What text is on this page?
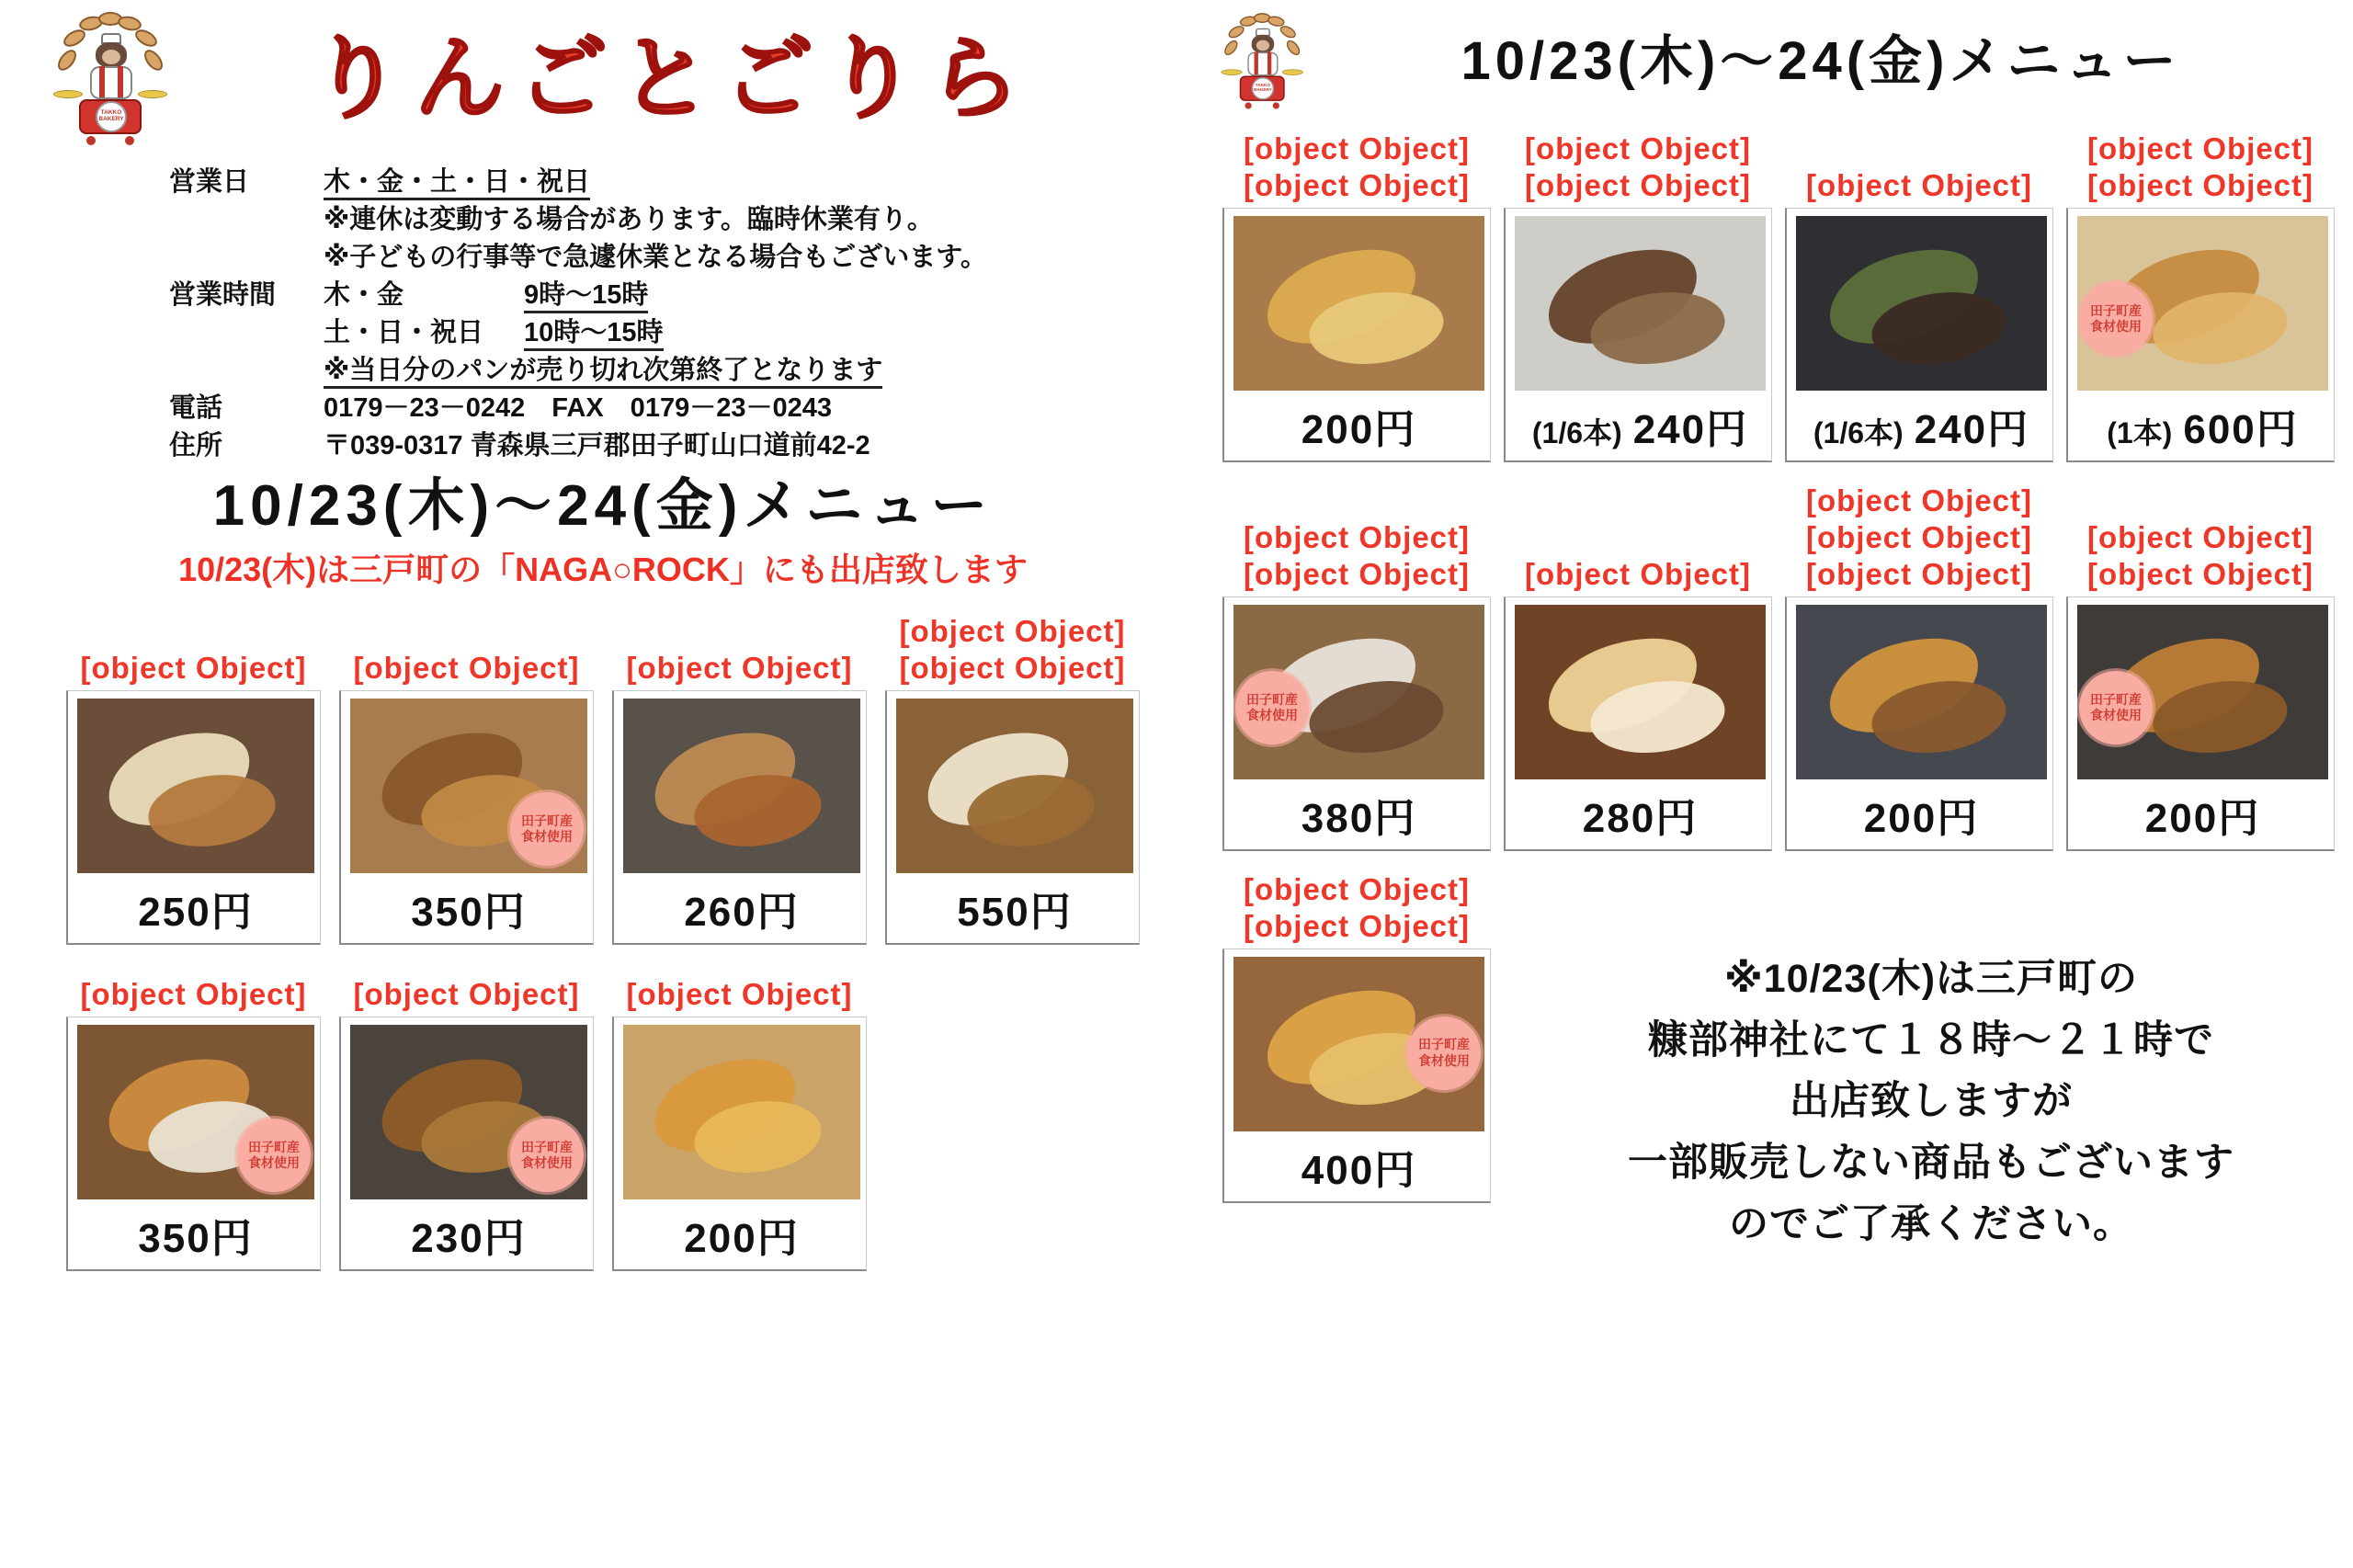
TAKKO BAKERY	りんごとごりら
営業日	木・金・土・日・祝日
※連休は変動する場合があります。臨時休業有り。
※子どもの行事等で急遽休業となる場合もございます。
営業時間 木・金	9時～15時
土・日・祝日 10時～15時
※当日分のパンが売り切れ次第終了となります
電話	0179－23－0242　FAX　0179－23－0243
住所	〒039-0317 青森県三戸郡田子町山口道前42-2
10/23(木)～24(金)メニュー
10/23(木)は三戸町の「NAGA○ROCK」にも出店致します
[object Object]
250円
[object Object]
田子町産
食材使用
350円
[object Object]
260円
[object Object]
[object Object]
550円
[object Object]
田子町産
食材使用
350円
[object Object]
田子町産
食材使用
230円
[object Object]
200円
TAKKO BAKERY	10/23(木)～24(金)メニュー
[object Object]
[object Object]
200円
[object Object]
[object Object]
(1/6本) 240円
[object Object]
(1/6本) 240円
[object Object]
[object Object]
田子町産
食材使用
(1本) 600円
[object Object]
[object Object]
田子町産
食材使用
380円
[object Object]
280円
[object Object]
[object Object]
[object Object]
200円
[object Object]
[object Object]
田子町産
食材使用
200円
[object Object]
[object Object]
田子町産
食材使用
400円
※10/23(木)は三戸町の
糠部神社にて１８時～２１時で
出店致しますが
一部販売しない商品もございます
のでご了承ください。
